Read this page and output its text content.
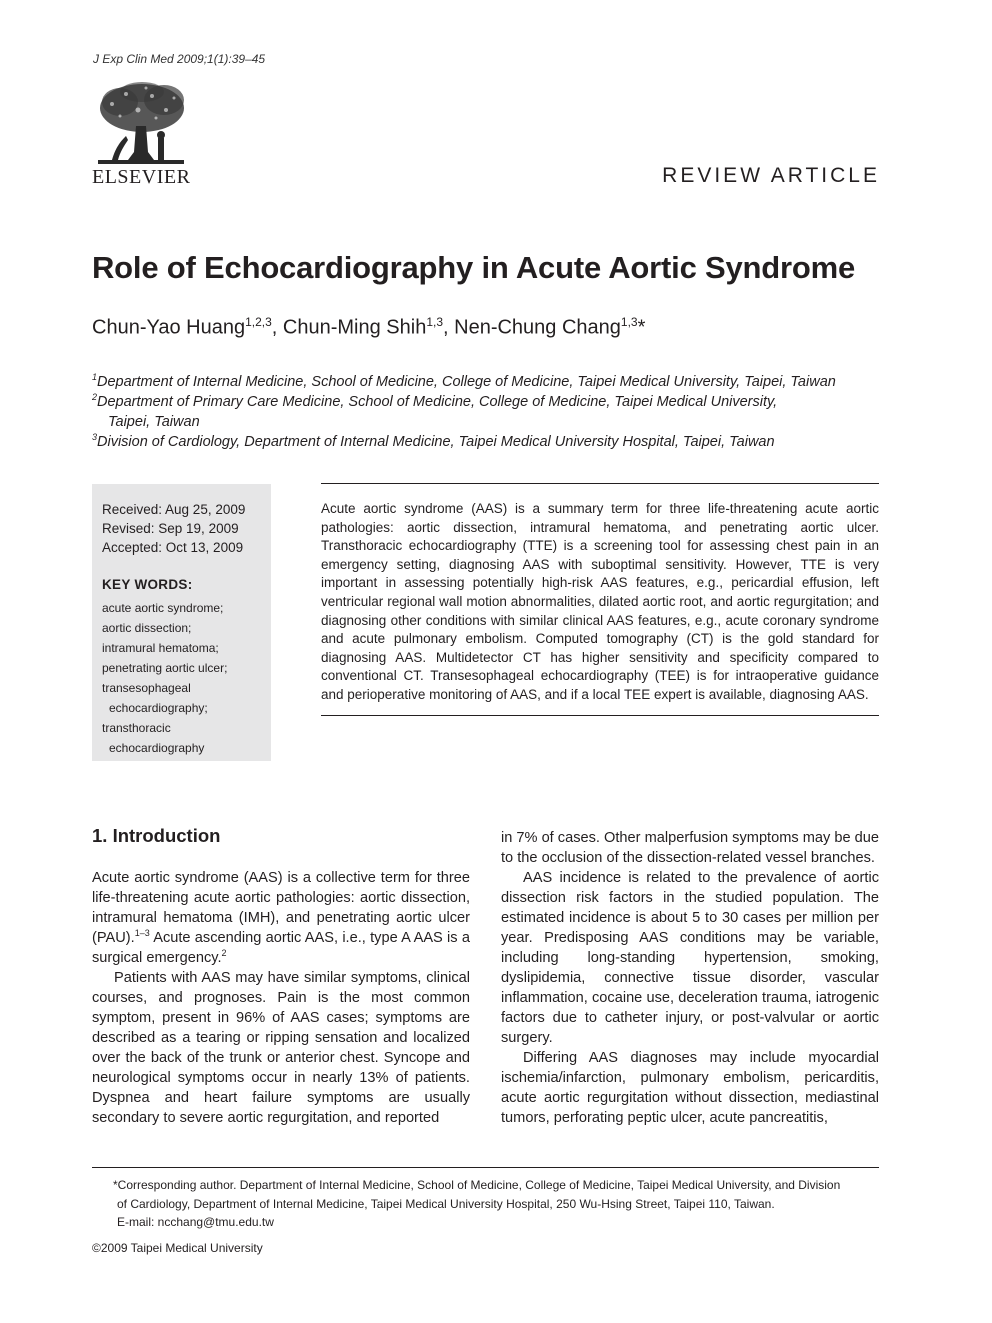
J Exp Clin Med 2009;1(1):39–45
ELSEVIER	REVIEW ARTICLE
Role of Echocardiography in Acute Aortic Syndrome
Chun-Yao Huang$^{1,2,3}$, Chun-Ming Shih$^{1,3}$, Nen-Chung Chang$^{1,3}$*
$^1$Department of Internal Medicine, School of Medicine, College of Medicine, Taipei Medical University, Taipei, Taiwan
$^2$Department of Primary Care Medicine, School of Medicine, College of Medicine, Taipei Medical University,
Taipei, Taiwan
$^3$Division of Cardiology, Department of Internal Medicine, Taipei Medical University Hospital, Taipei, Taiwan
Received: Aug 25, 2009
Revised: Sep 19, 2009
Accepted: Oct 13, 2009
KEY WORDS:
acute aortic syndrome;
aortic dissection;
intramural hematoma;
penetrating aortic ulcer;
transesophageal
echocardiography;
transthoracic
echocardiography
Acute aortic syndrome (AAS) is a summary term for three life-threatening acute aortic pathologies: aortic dissection, intramural hematoma, and penetrating aortic ulcer. Transthoracic echocardiography (TTE) is a screening tool for assessing chest pain in an emergency setting, diagnosing AAS with suboptimal sensitivity. However, TTE is very important in assessing potentially high-risk AAS features, e.g., pericardial effusion, left ventricular regional wall motion abnormalities, dilated aortic root, and aortic regurgitation; and diagnosing other conditions with similar clinical AAS features, e.g., acute coronary syndrome and acute pulmonary embolism. Computed tomography (CT) is the gold standard for diagnosing AAS. Multidetector CT has higher sensitivity and specificity compared to conventional CT. Transesophageal echocardiography (TEE) is for intraoperative guidance and perioperative monitoring of AAS, and if a local TEE expert is available, diagnosing AAS.
1. Introduction

Acute aortic syndrome (AAS) is a collective term for three life-threatening acute aortic pathologies: aortic dissection, intramural hematoma (IMH), and penetrating aortic ulcer (PAU).$^{1-3}$ Acute ascending aortic AAS, i.e., type A AAS is a surgical emergency.$^2$

Patients with AAS may have similar symptoms, clinical courses, and prognoses. Pain is the most common symptom, present in 96% of AAS cases; symptoms are described as a tearing or ripping sensation and localized over the back of the trunk or anterior chest. Syncope and neurological symptoms occur in nearly 13% of patients. Dyspnea and heart failure symptoms are usually secondary to severe aortic regurgitation, and reported

in 7% of cases. Other malperfusion symptoms may be due to the occlusion of the dissection-related vessel branches.

AAS incidence is related to the prevalence of aortic dissection risk factors in the studied population. The estimated incidence is about 5 to 30 cases per million per year. Predisposing AAS conditions may be variable, including long-standing hypertension, smoking, dyslipidemia, connective tissue disorder, vascular inflammation, cocaine use, deceleration trauma, iatrogenic factors due to catheter injury, or post-valvular or aortic surgery.

Differing AAS diagnoses may include myocardial ischemia/infarction, pulmonary embolism, pericarditis, acute aortic regurgitation without dissection, mediastinal tumors, perforating peptic ulcer, acute pancreatitis,

*Corresponding author. Department of Internal Medicine, School of Medicine, College of Medicine, Taipei Medical University, and Division
of Cardiology, Department of Internal Medicine, Taipei Medical University Hospital, 250 Wu-Hsing Street, Taipei 110, Taiwan.
E-mail: ncchang@tmu.edu.tw
©2009 Taipei Medical University
